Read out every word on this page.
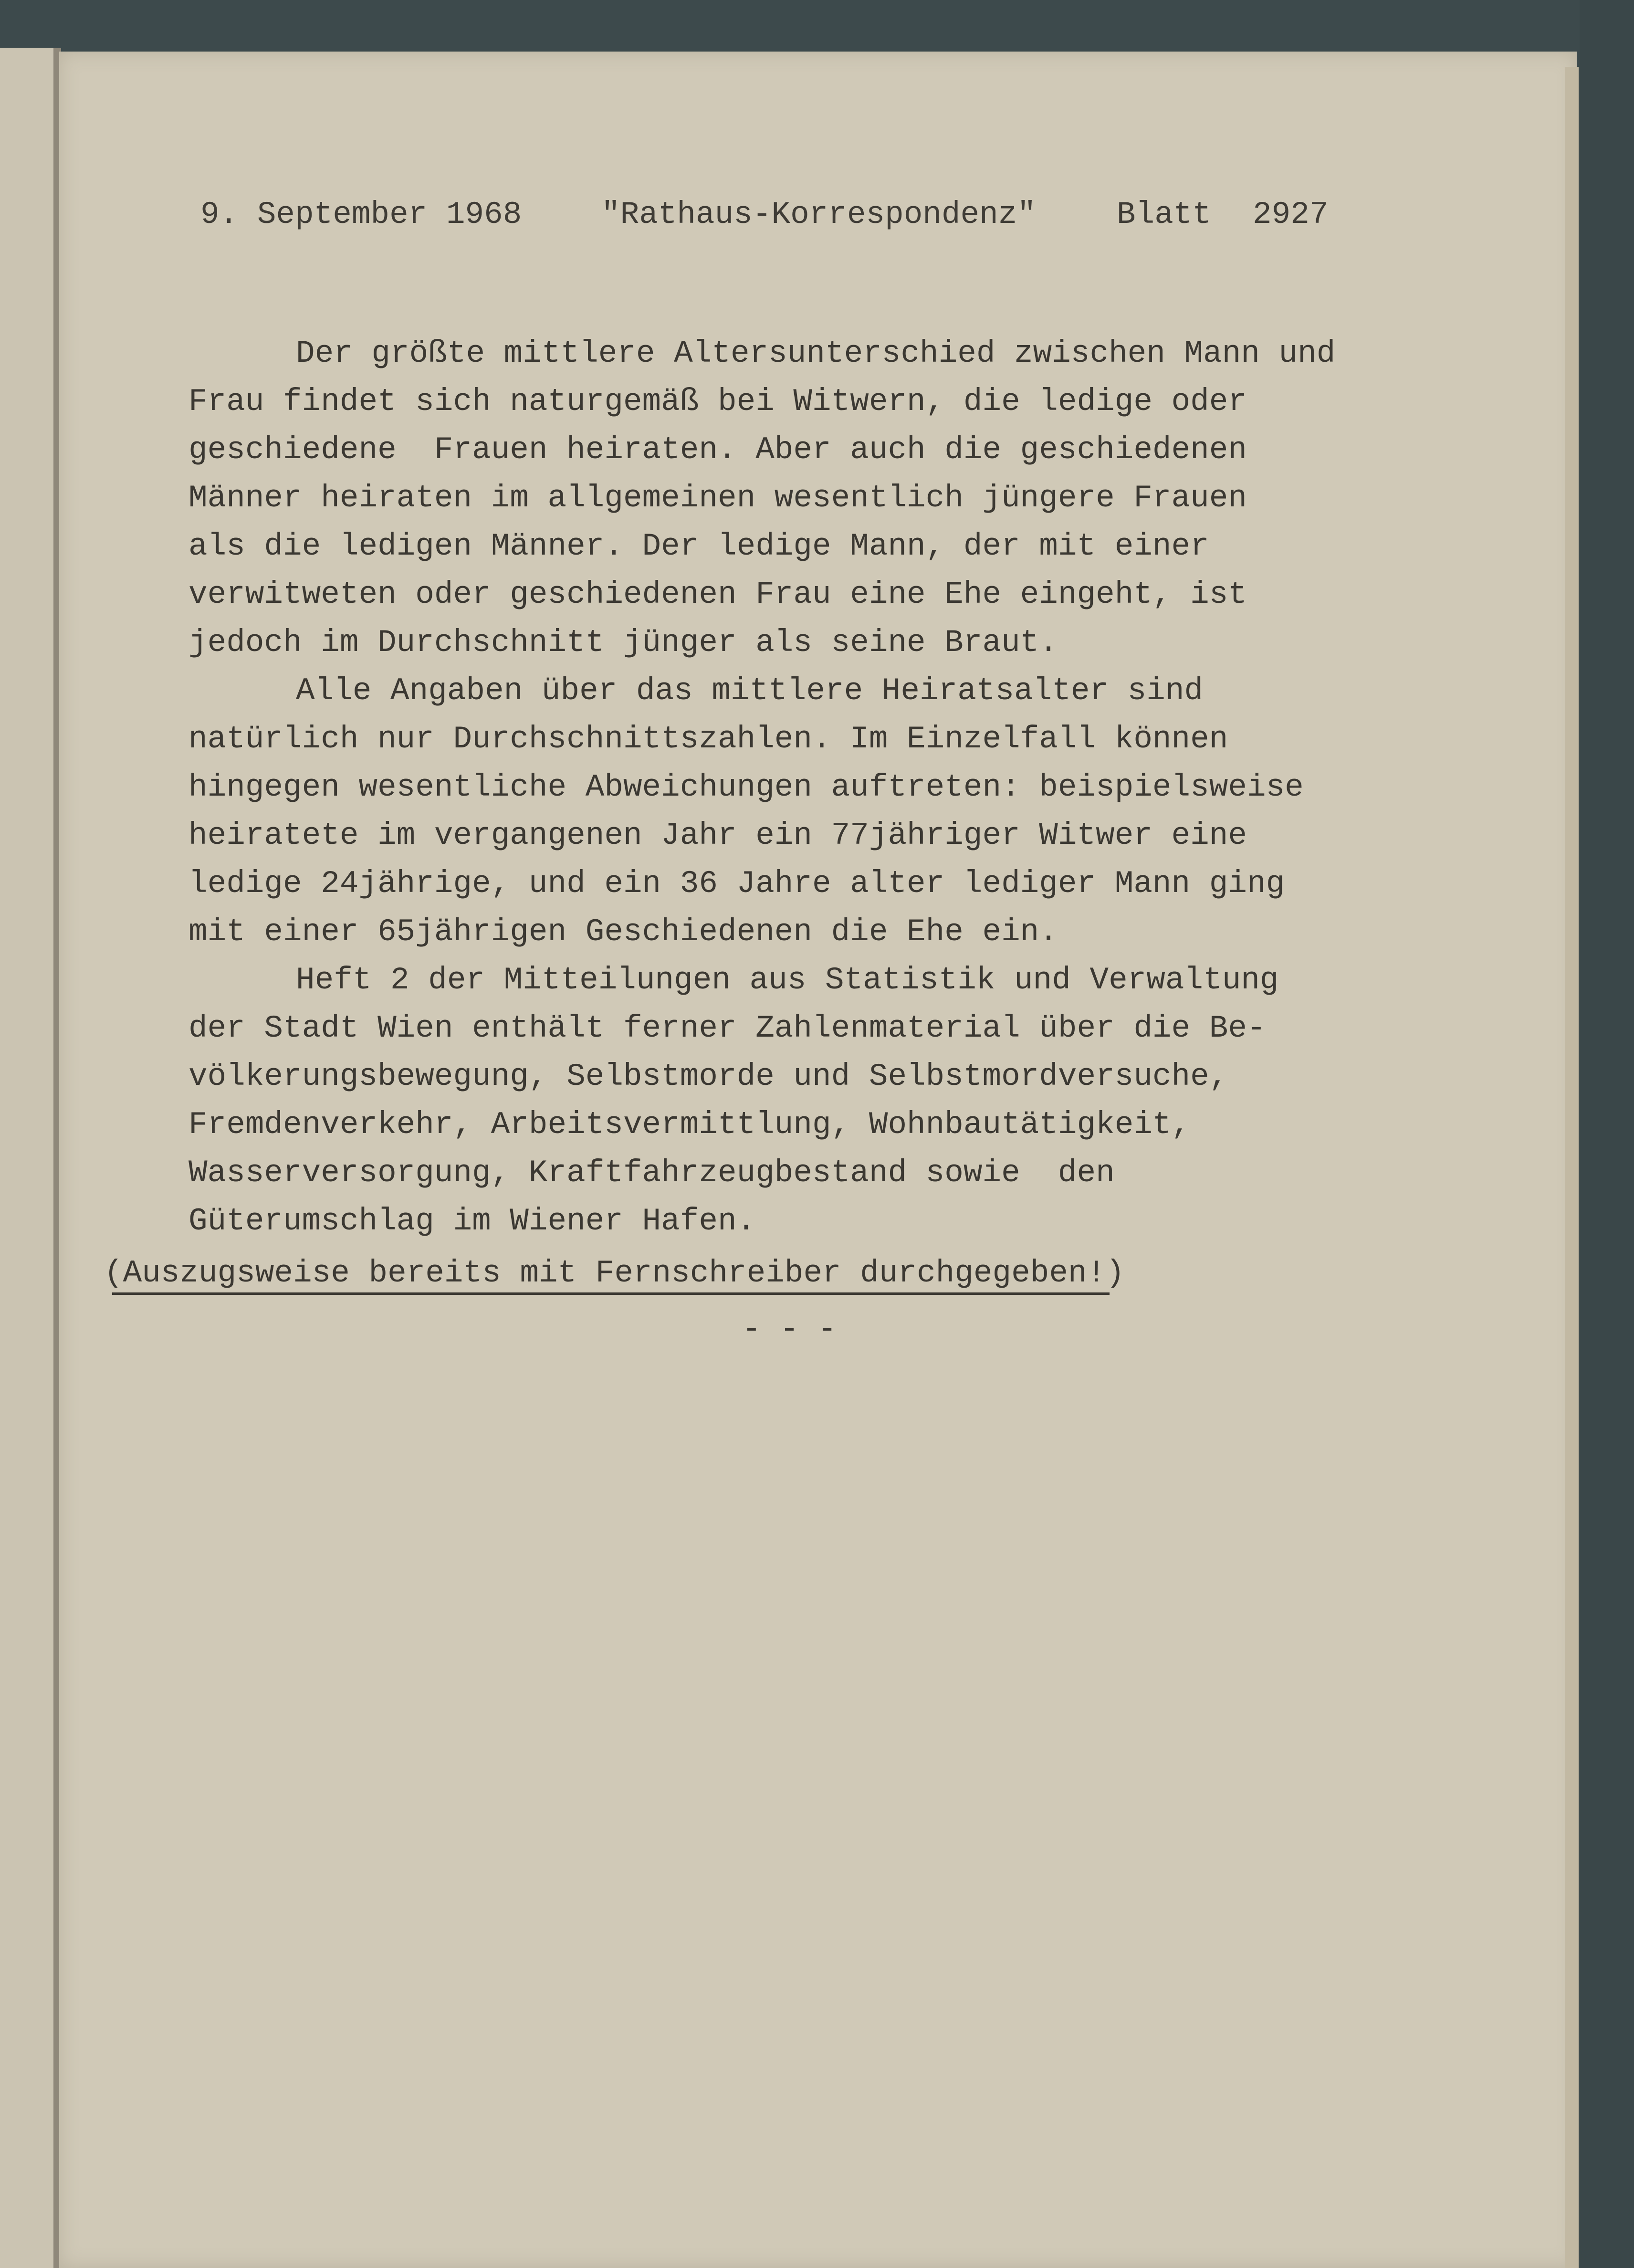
9. September 1968	"Rathaus-Korrespondenz"	Blatt 2927
Der größte mittlere Altersunterschied zwischen Mann und
Frau findet sich naturgemäß bei Witwern, die ledige oder
geschiedene  Frauen heiraten. Aber auch die geschiedenen
Männer heiraten im allgemeinen wesentlich jüngere Frauen
als die ledigen Männer. Der ledige Mann, der mit einer
verwitweten oder geschiedenen Frau eine Ehe eingeht, ist
jedoch im Durchschnitt jünger als seine Braut.
Alle Angaben über das mittlere Heiratsalter sind
natürlich nur Durchschnittszahlen. Im Einzelfall können
hingegen wesentliche Abweichungen auftreten: beispielsweise
heiratete im vergangenen Jahr ein 77jähriger Witwer eine
ledige 24jährige, und ein 36 Jahre alter lediger Mann ging
mit einer 65jährigen Geschiedenen die Ehe ein.
Heft 2 der Mitteilungen aus Statistik und Verwaltung
der Stadt Wien enthält ferner Zahlenmaterial über die Be-
völkerungsbewegung, Selbstmorde und Selbstmordversuche,
Fremdenverkehr, Arbeitsvermittlung, Wohnbautätigkeit,
Wasserversorgung, Kraftfahrzeugbestand sowie  den
Güterumschlag im Wiener Hafen.
(Auszugsweise bereits mit Fernschreiber durchgegeben!)
- - -
